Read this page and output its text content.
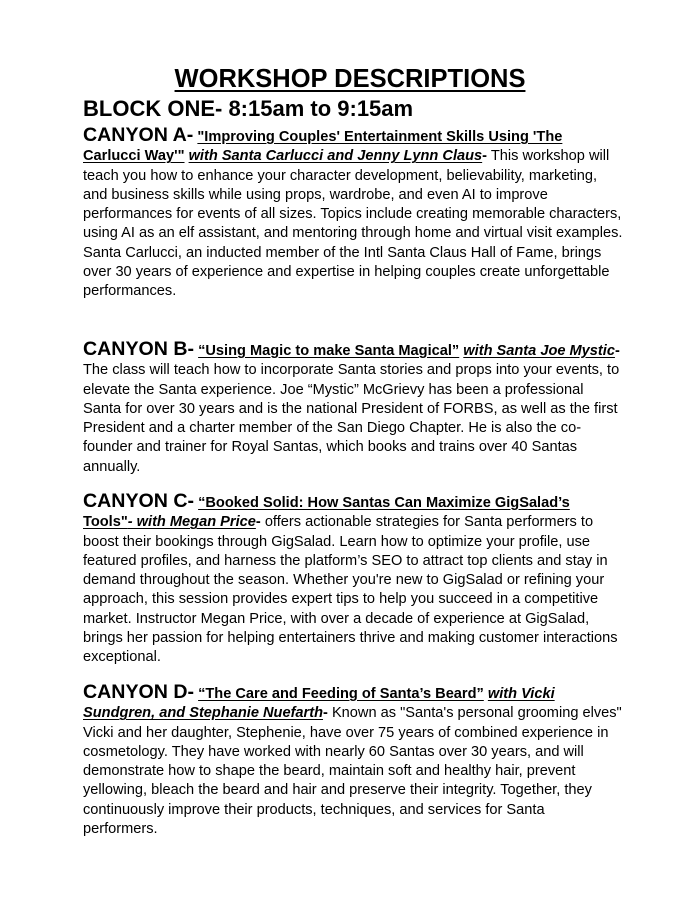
WORKSHOP DESCRIPTIONS
BLOCK ONE- 8:15am to 9:15am
CANYON A- "Improving Couples' Entertainment Skills Using 'The Carlucci Way'" with Santa Carlucci and Jenny Lynn Claus- This workshop will teach you how to enhance your character development, believability, marketing, and business skills while using props, wardrobe, and even AI to improve performances for events of all sizes. Topics include creating memorable characters, using AI as an elf assistant, and mentoring through home and virtual visit examples. Santa Carlucci, an inducted member of the Intl Santa Claus Hall of Fame, brings over 30 years of experience and expertise in helping couples create unforgettable performances.
CANYON B- “Using Magic to make Santa Magical” with Santa Joe Mystic- The class will teach how to incorporate Santa stories and props into your events, to elevate the Santa experience. Joe “Mystic” McGrievy has been a professional Santa for over 30 years and is the national President of FORBS, as well as the first President and a charter member of the San Diego Chapter. He is also the co-founder and trainer for Royal Santas, which books and trains over 40 Santas annually.
CANYON C- “Booked Solid: How Santas Can Maximize GigSalad’s Tools"- with Megan Price- offers actionable strategies for Santa performers to boost their bookings through GigSalad. Learn how to optimize your profile, use featured profiles, and harness the platform’s SEO to attract top clients and stay in demand throughout the season. Whether you're new to GigSalad or refining your approach, this session provides expert tips to help you succeed in a competitive market. Instructor Megan Price, with over a decade of experience at GigSalad, brings her passion for helping entertainers thrive and making customer interactions exceptional.
CANYON D- “The Care and Feeding of Santa’s Beard” with Vicki Sundgren, and Stephanie Nuefarth- Known as "Santa's personal grooming elves" Vicki and her daughter, Stephenie, have over 75 years of combined experience in cosmetology. They have worked with nearly 60 Santas over 30 years, and will demonstrate how to shape the beard, maintain soft and healthy hair, prevent yellowing, bleach the beard and hair and preserve their integrity. Together, they continuously improve their products, techniques, and services for Santa performers.
